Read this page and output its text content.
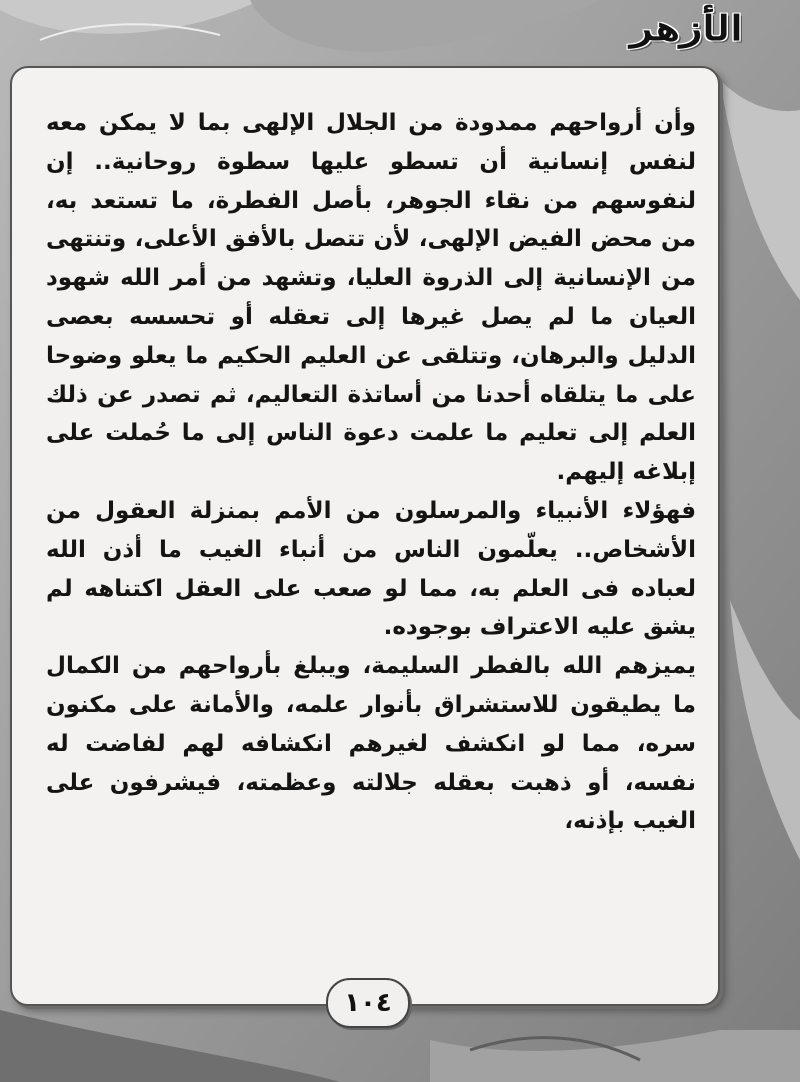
الأزهر

وأن أرواحهم ممدودة من الجلال الإلهى بما لا يمكن معه لنفس إنسانية أن تسطو عليها سطوة روحانية.. إن لنفوسهم من نقاء الجوهر، بأصل الفطرة، ما تستعد به، من محض الفيض الإلهى، لأن تتصل بالأفق الأعلى، وتنتهى من الإنسانية إلى الذروة العليا، وتشهد من أمر الله شهود العيان ما لم يصل غيرها إلى تعقله أو تحسسه بعصى الدليل والبرهان، وتتلقى عن العليم الحكيم ما يعلو وضوحا على ما يتلقاه أحدنا من أساتذة التعاليم، ثم تصدر عن ذلك العلم إلى تعليم ما علمت دعوة الناس إلى ما حُملت على إبلاغه إليهم.

فهؤلاء الأنبياء والمرسلون من الأمم بمنزلة العقول من الأشخاص.. يعلّمون الناس من أنباء الغيب ما أذن الله لعباده فى العلم به، مما لو صعب على العقل اكتناهه لم يشق عليه الاعتراف بوجوده.

يميزهم الله بالفطر السليمة، ويبلغ بأرواحهم من الكمال ما يطيقون للاستشراق بأنوار علمه، والأمانة على مكنون سره، مما لو انكشف لغيرهم انكشافه لهم لفاضت له نفسه، أو ذهبت بعقله جلالته وعظمته، فيشرفون على الغيب بإذنه،

١٠٤
